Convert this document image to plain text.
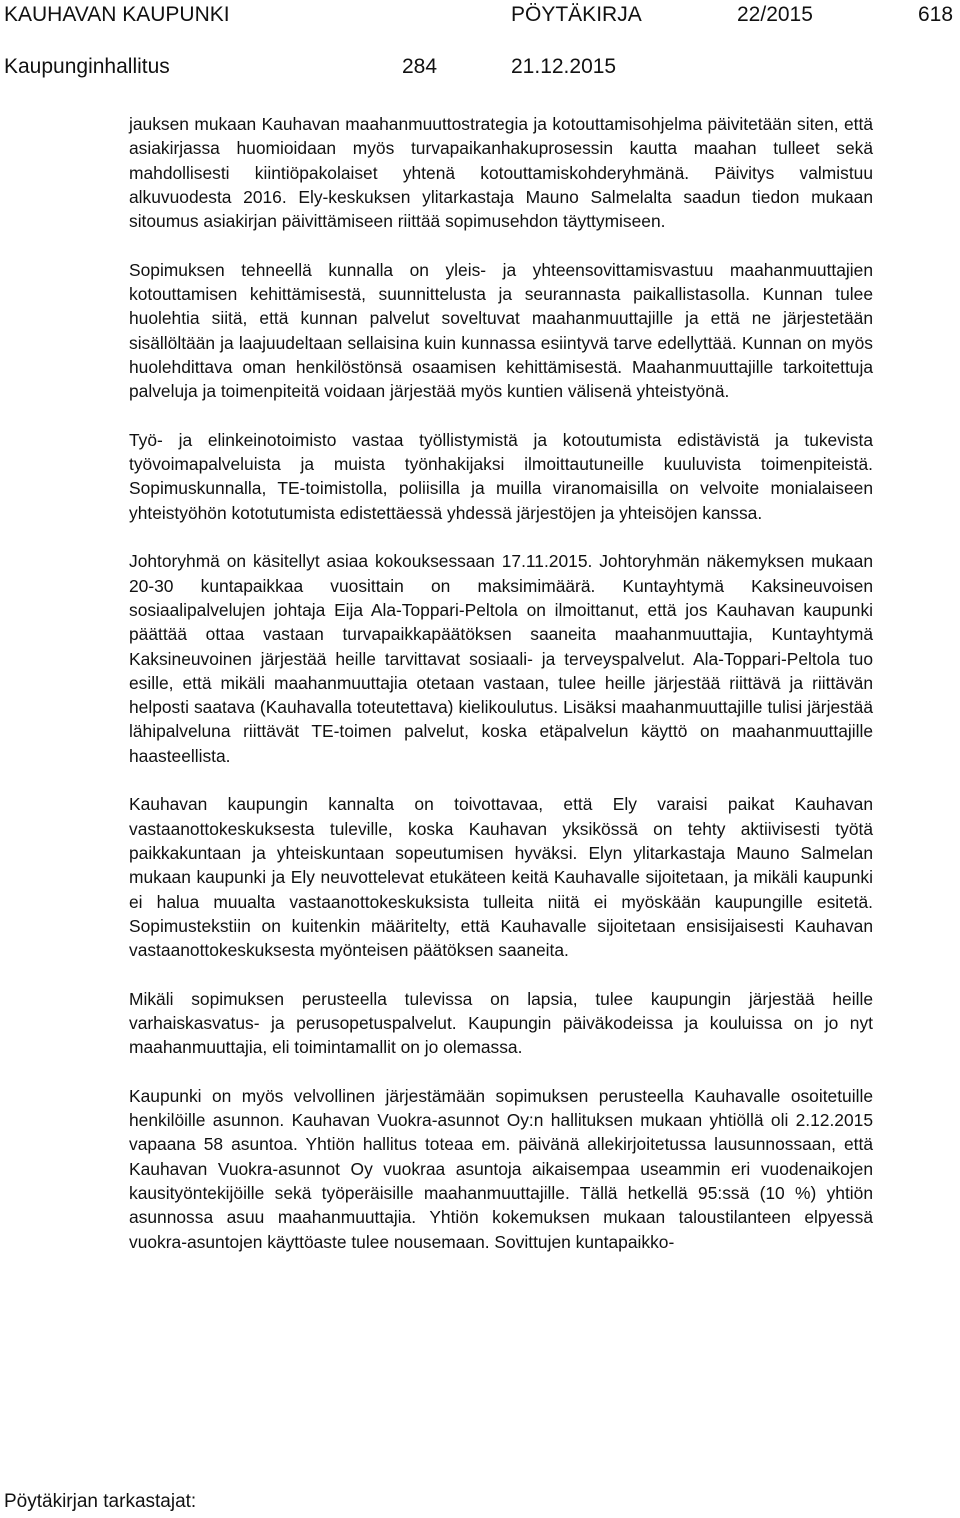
KAUHAVAN KAUPUNKI	PÖYTÄKIRJA	22/2015	618
Kaupunginhallitus	284	21.12.2015

jauksen mukaan Kauhavan maahanmuuttostrategia ja kotouttamisohjelma päivitetään siten, että asiakirjassa huomioidaan myös turvapaikanhakuprosessin kautta maahan tulleet sekä mahdollisesti kiintiöpakolaiset yhtenä kotouttamiskohderyhmänä. Päivitys valmistuu alkuvuodesta 2016. Ely-keskuksen ylitarkastaja Mauno Salmelalta saadun tiedon mukaan sitoumus asiakirjan päivittämiseen riittää sopimusehdon täyttymiseen.

Sopimuksen tehneellä kunnalla on yleis- ja yhteensovittamisvastuu maahanmuuttajien kotouttamisen kehittämisestä, suunnittelusta ja seurannasta paikallistasolla. Kunnan tulee huolehtia siitä, että kunnan palvelut soveltuvat maahanmuuttajille ja että ne järjestetään sisällöltään ja laajuudeltaan sellaisina kuin kunnassa esiintyvä tarve edellyttää. Kunnan on myös huolehdittava oman henkilöstönsä osaamisen kehittämisestä. Maahanmuuttajille tarkoitettuja palveluja ja toimenpiteitä voidaan järjestää myös kuntien välisenä yhteistyönä.

Työ- ja elinkeinotoimisto vastaa työllistymistä ja kotoutumista edistävistä ja tukevista työvoimapalveluista ja muista työnhakijaksi ilmoittautuneille kuuluvista toimenpiteistä. Sopimuskunnalla, TE-toimistolla, poliisilla ja muilla viranomaisilla on velvoite monialaiseen yhteistyöhön kototutumista edistettäessä yhdessä järjestöjen ja yhteisöjen kanssa.

Johtoryhmä on käsitellyt asiaa kokouksessaan 17.11.2015. Johtoryhmän näkemyksen mukaan 20-30 kuntapaikkaa vuosittain on maksimimäärä. Kuntayhtymä Kaksineuvoisen sosiaalipalvelujen johtaja Eija Ala-Toppari-Peltola on ilmoittanut, että jos Kauhavan kaupunki päättää ottaa vastaan turvapaikkapäätöksen saaneita maahanmuuttajia, Kuntayhtymä Kaksineuvoinen järjestää heille tarvittavat sosiaali- ja terveyspalvelut. Ala-Toppari-Peltola tuo esille, että mikäli maahanmuuttajia otetaan vastaan, tulee heille järjestää riittävä ja riittävän helposti saatava (Kauhavalla toteutettava) kielikoulutus. Lisäksi maahanmuuttajille tulisi järjestää lähipalveluna riittävät TE-toimen palvelut, koska etäpalvelun käyttö on maahanmuuttajille haasteellista.

Kauhavan kaupungin kannalta on toivottavaa, että Ely varaisi paikat Kauhavan vastaanottokeskuksesta tuleville, koska Kauhavan yksikössä on tehty aktiivisesti työtä paikkakuntaan ja yhteiskuntaan sopeutumisen hyväksi. Elyn ylitarkastaja Mauno Salmelan mukaan kaupunki ja Ely neuvottelevat etukäteen keitä Kauhavalle sijoitetaan, ja mikäli kaupunki ei halua muualta vastaanottokeskuksista tulleita niitä ei myöskään kaupungille esitetä. Sopimustekstiin on kuitenkin määritelty, että Kauhavalle sijoitetaan ensisijaisesti Kauhavan vastaanottokeskuksesta myönteisen päätöksen saaneita.

Mikäli sopimuksen perusteella tulevissa on lapsia, tulee kaupungin järjestää heille varhaiskasvatus- ja perusopetuspalvelut. Kaupungin päiväkodeissa ja kouluissa on jo nyt maahanmuuttajia, eli toimintamallit on jo olemassa.

Kaupunki on myös velvollinen järjestämään sopimuksen perusteella Kauhavalle osoitetuille henkilöille asunnon. Kauhavan Vuokra-asunnot Oy:n hallituksen mukaan yhtiöllä oli 2.12.2015 vapaana 58 asuntoa. Yhtiön hallitus toteaa em. päivänä allekirjoitetussa lausunnossaan, että Kauhavan Vuokra-asunnot Oy vuokraa asuntoja aikaisempaa useammin eri vuodenaikojen kausityöntekijöille sekä työperäisille maahanmuuttajille. Tällä hetkellä 95:ssä (10 %) yhtiön asunnossa asuu maahanmuuttajia. Yhtiön kokemuksen mukaan taloustilanteen elpyessä vuokra-asuntojen käyttöaste tulee nousemaan. Sovittujen kuntapaikko-

Pöytäkirjan tarkastajat:
